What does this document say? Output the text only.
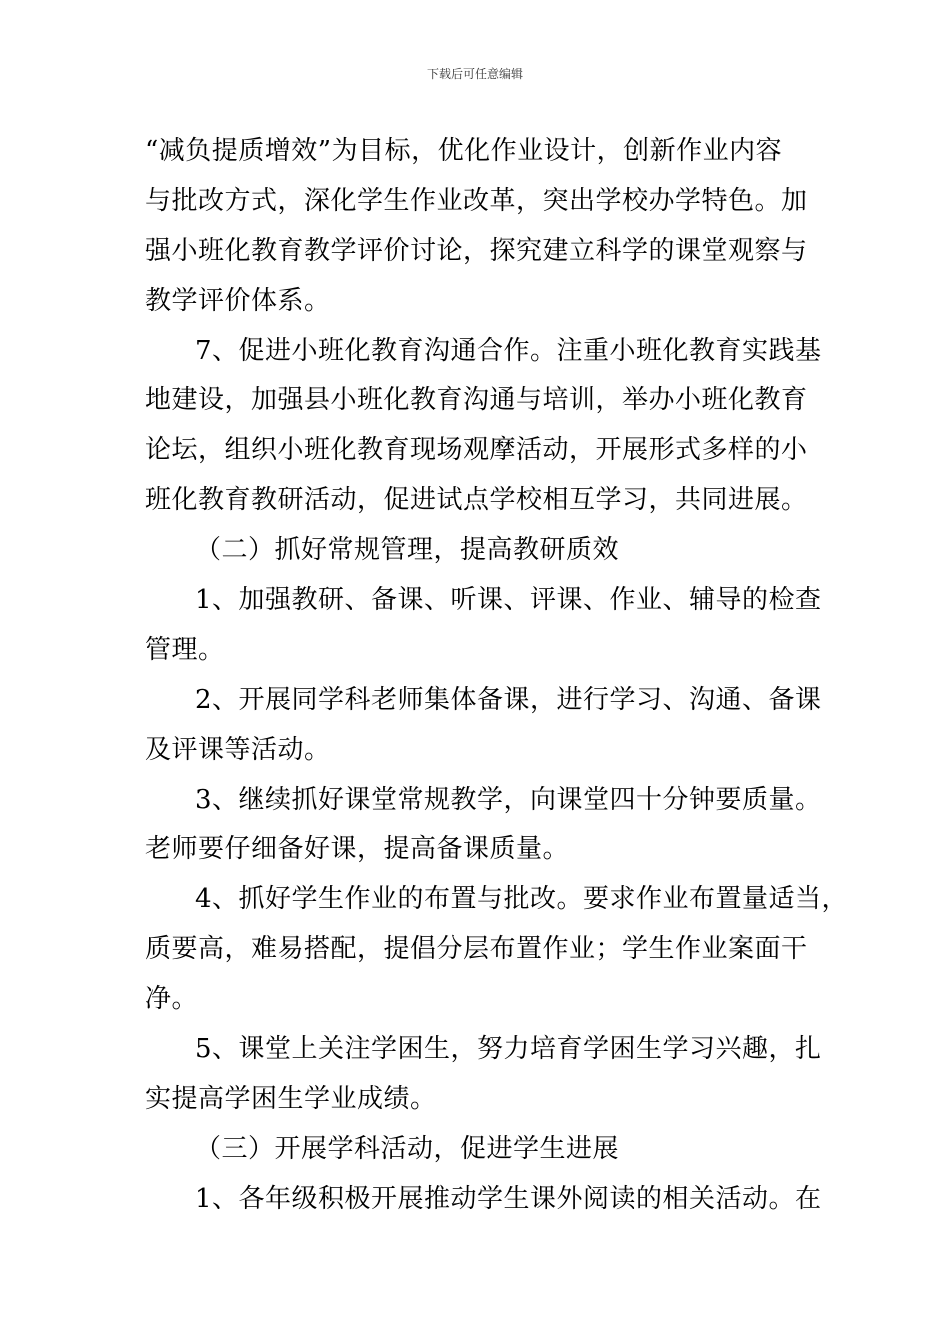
下载后可任意编辑
“减负提质增效”为目标，优化作业设计，创新作业内容
与批改方式，深化学生作业改革，突出学校办学特色。加
强小班化教育教学评价讨论，探究建立科学的课堂观察与
教学评价体系。
7、促进小班化教育沟通合作。注重小班化教育实践基
地建设，加强县小班化教育沟通与培训，举办小班化教育
论坛，组织小班化教育现场观摩活动，开展形式多样的小
班化教育教研活动，促进试点学校相互学习，共同进展。
（二）抓好常规管理，提高教研质效
1、加强教研、备课、听课、评课、作业、辅导的检查
管理。
2、开展同学科老师集体备课，进行学习、沟通、备课
及评课等活动。
3、继续抓好课堂常规教学，向课堂四十分钟要质量。
老师要仔细备好课，提高备课质量。
4、抓好学生作业的布置与批改。要求作业布置量适当，
质要高，难易搭配，提倡分层布置作业；学生作业案面干
净。
5、课堂上关注学困生，努力培育学困生学习兴趣，扎
实提高学困生学业成绩。
（三）开展学科活动，促进学生进展
1、各年级积极开展推动学生课外阅读的相关活动。在
